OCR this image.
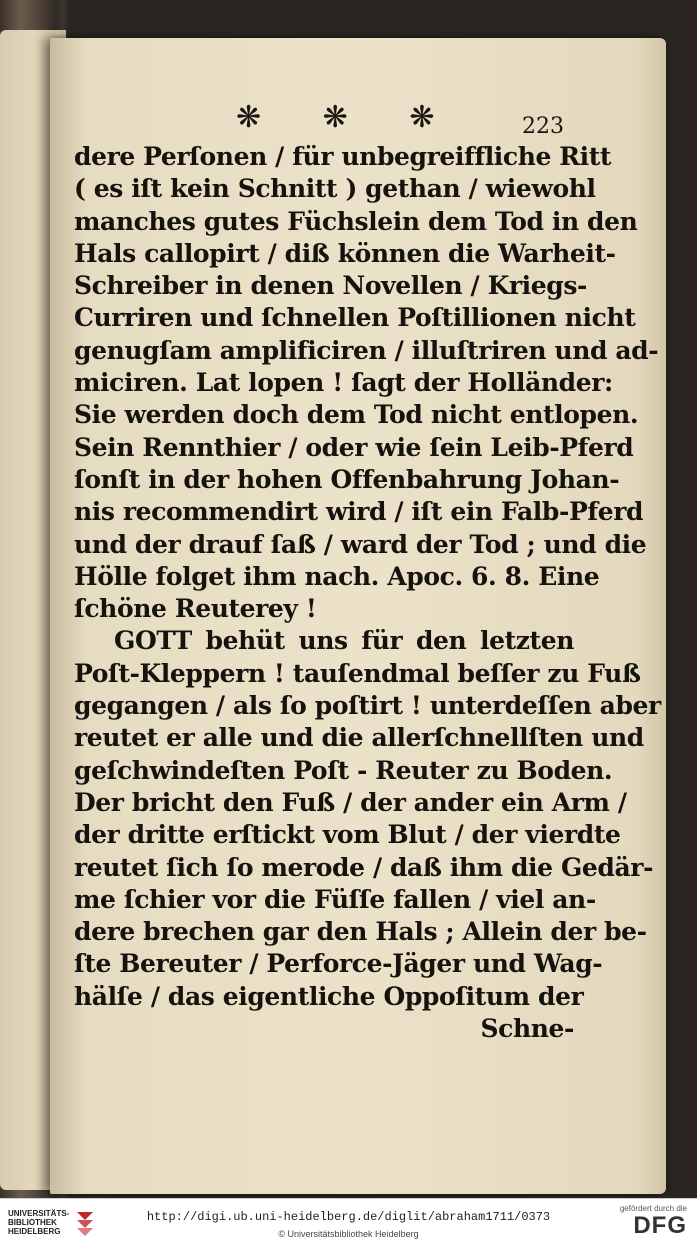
❋ ❋ ❋	223
dere Perſonen / für unbegreiffliche Ritt
( es iſt kein Schnitt ) gethan / wiewohl
manches gutes Füchslein dem Tod in den
Hals callopirt / diß können die Warheit-
Schreiber in denen Novellen / Kriegs-
Curriren und ſchnellen Poſtillionen nicht
genugſam amplificiren / illuſtriren und ad-
miciren. Lat lopen ! ſagt der Holländer:
Sie werden doch dem Tod nicht entlopen.
Sein Rennthier / oder wie ſein Leib-Pferd
ſonſt in der hohen Offenbahrung Johan-
nis recommendirt wird / iſt ein Falb-Pferd
und der drauf ſaß / ward der Tod ; und die
Hölle folget ihm nach. Apoc. 6. 8. Eine
ſchöne Reuterey !
GOTT behüt uns für den letzten
Poſt-Kleppern ! tauſendmal beſſer zu Fuß
gegangen / als ſo poſtirt ! unterdeſſen aber
reutet er alle und die allerſchnellſten und
geſchwindeſten Poſt - Reuter zu Boden.
Der bricht den Fuß / der ander ein Arm /
der dritte erſtickt vom Blut / der vierdte
reutet ſich ſo merode / daß ihm die Gedär-
me ſchier vor die Füſſe fallen / viel an-
dere brechen gar den Hals ; Allein der be-
ſte Bereuter / Perforce-Jäger und Wag-
hälſe / das eigentliche Oppoſitum der
Schne-
UNIVERSITÄTS-
BIBLIOTHEK
HEIDELBERG
http://digi.ub.uni-heidelberg.de/diglit/abraham1711/0373
© Universitätsbibliothek Heidelberg
gefördert durch die
DFG
